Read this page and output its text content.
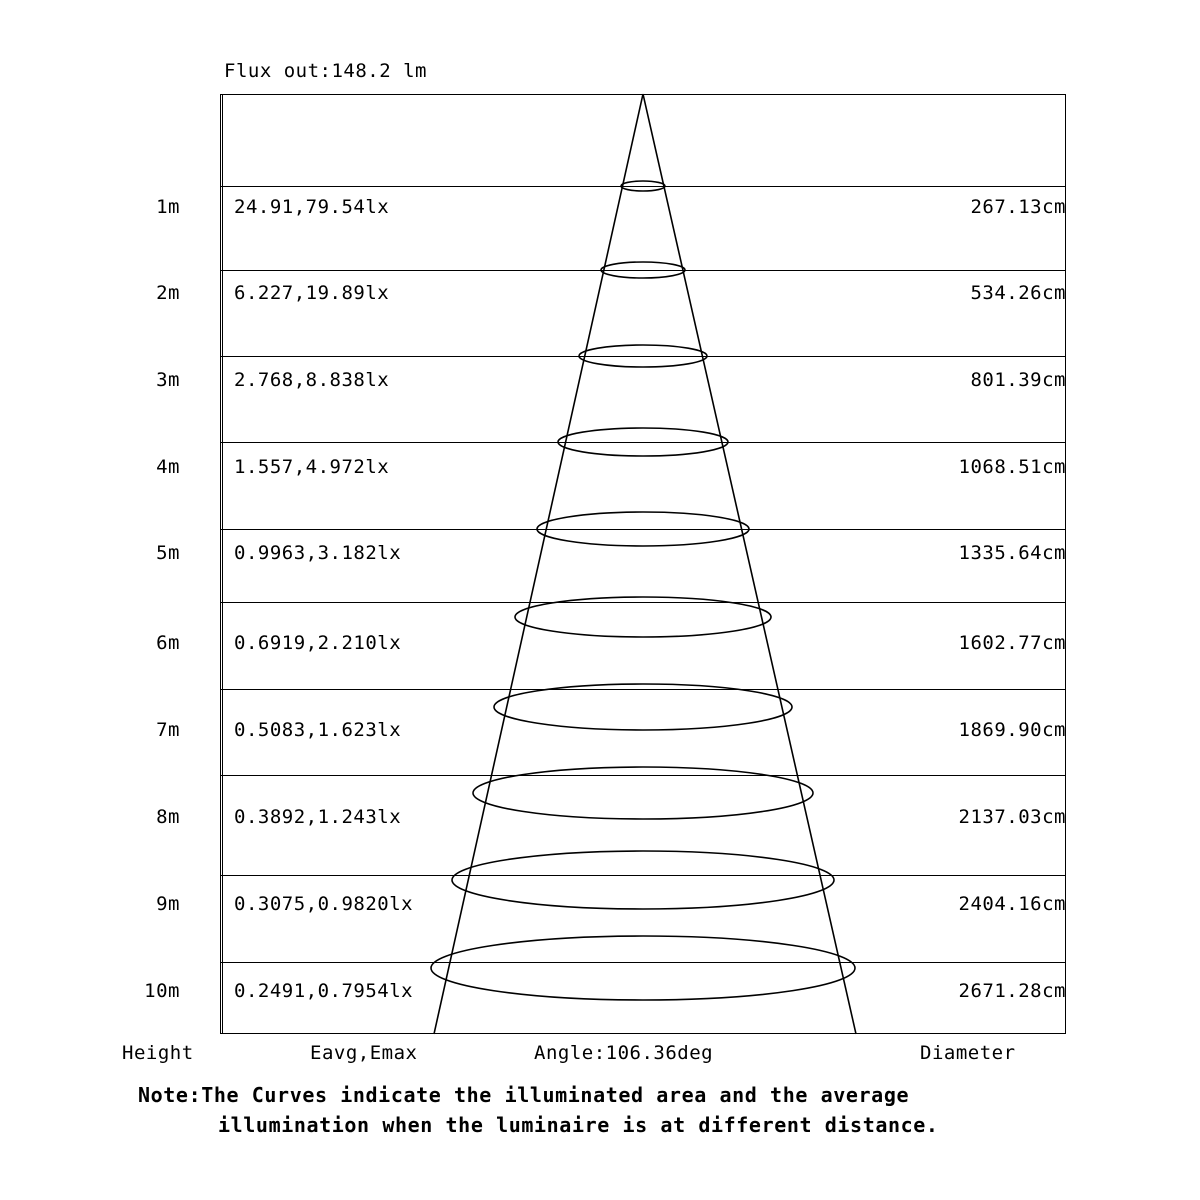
Flux out:148.2 lm
1m	24.91,79.54lx	267.13cm
2m	6.227,19.89lx	534.26cm
3m	2.768,8.838lx	801.39cm
4m	1.557,4.972lx	1068.51cm
5m	0.9963,3.182lx	1335.64cm
6m	0.6919,2.210lx	1602.77cm
7m	0.5083,1.623lx	1869.90cm
8m	0.3892,1.243lx	2137.03cm
9m	0.3075,0.9820lx	2404.16cm
10m	0.2491,0.7954lx	2671.28cm
Height	Eavg,Emax	Angle:106.36deg	Diameter
Note:The Curves indicate the illuminated area and the average
illumination when the luminaire is at different distance.
